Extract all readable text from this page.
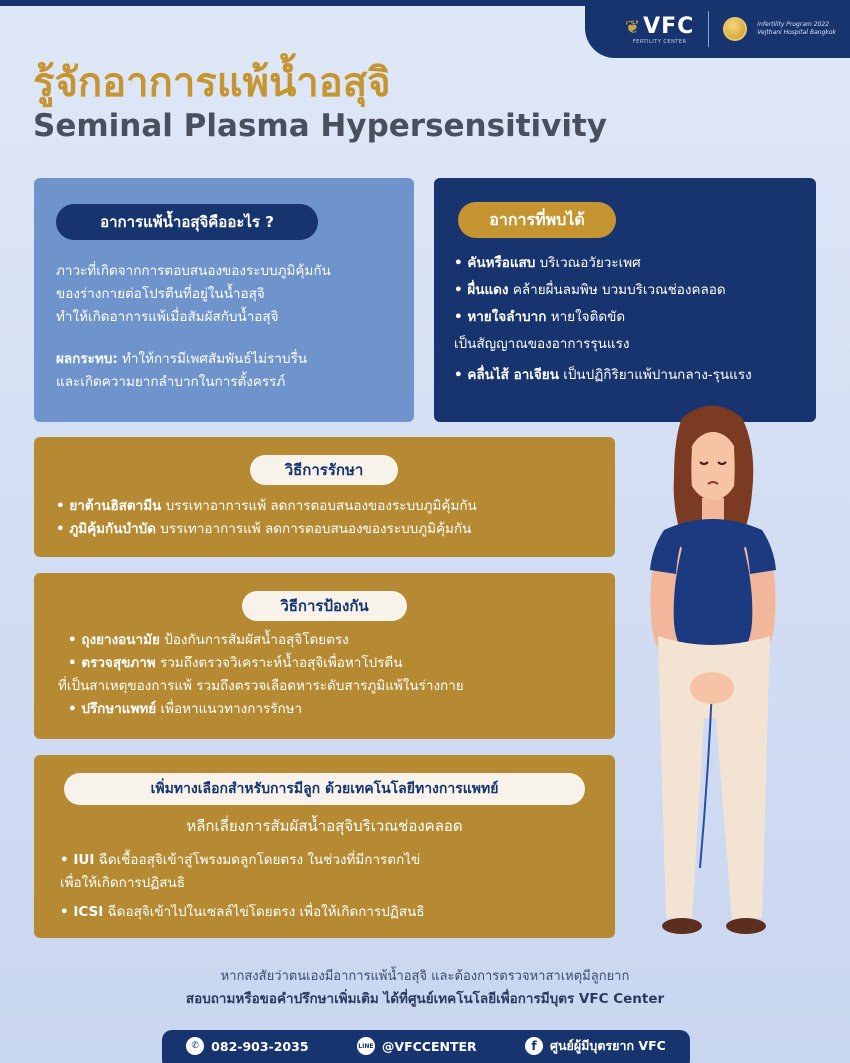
❦VFC
FERTILITY CENTER
Infertility Program 2022
Vejthani Hospital Bangkok
รู้จักอาการแพ้น้ำอสุจิ
Seminal Plasma Hypersensitivity
อาการแพ้น้ำอสุจิคืออะไร ?
ภาวะที่เกิดจากการตอบสนองของระบบภูมิคุ้มกัน
ของร่างกายต่อโปรตีนที่อยู่ในน้ำอสุจิ
ทำให้เกิดอาการแพ้เมื่อสัมผัสกับน้ำอสุจิ
ผลกระทบ: ทำให้การมีเพศสัมพันธ์ไม่ราบรื่น
และเกิดความยากลำบากในการตั้งครรภ์
อาการที่พบได้
• คันหรือแสบ บริเวณอวัยวะเพศ
• ผื่นแดง คล้ายผื่นลมพิษ บวมบริเวณช่องคลอด
• หายใจลำบาก หายใจติดขัด
เป็นสัญญาณของอาการรุนแรง
• คลื่นไส้ อาเจียน เป็นปฏิกิริยาแพ้ปานกลาง-รุนแรง
วิธีการรักษา
• ยาต้านฮิสตามีน บรรเทาอาการแพ้ ลดการตอบสนองของระบบภูมิคุ้มกัน
• ภูมิคุ้มกันบำบัด บรรเทาอาการแพ้ ลดการตอบสนองของระบบภูมิคุ้มกัน
วิธีการป้องกัน
• ถุงยางอนามัย ป้องกันการสัมผัสน้ำอสุจิโดยตรง
• ตรวจสุขภาพ รวมถึงตรวจวิเคราะห์น้ำอสุจิเพื่อหาโปรตีน
ที่เป็นสาเหตุของการแพ้ รวมถึงตรวจเลือดหาระดับสารภูมิแพ้ในร่างกาย
• ปรึกษาแพทย์ เพื่อหาแนวทางการรักษา
เพิ่มทางเลือกสำหรับการมีลูก ด้วยเทคโนโลยีทางการแพทย์
หลีกเลี่ยงการสัมผัสน้ำอสุจิบริเวณช่องคลอด
• IUI ฉีดเชื้ออสุจิเข้าสู่โพรงมดลูกโดยตรง ในช่วงที่มีการตกไข่
เพื่อให้เกิดการปฏิสนธิ
• ICSI ฉีดอสุจิเข้าไปในเซลล์ไข่โดยตรง เพื่อให้เกิดการปฏิสนธิ
หากสงสัยว่าตนเองมีอาการแพ้น้ำอสุจิ และต้องการตรวจหาสาเหตุมีลูกยาก
สอบถามหรือขอคำปรึกษาเพิ่มเติม ได้ที่ศูนย์เทคโนโลยีเพื่อการมีบุตร VFC Center
✆ 082-903-2035	LINE @VFCCENTER	f	ศูนย์ผู้มีบุตรยาก VFC
